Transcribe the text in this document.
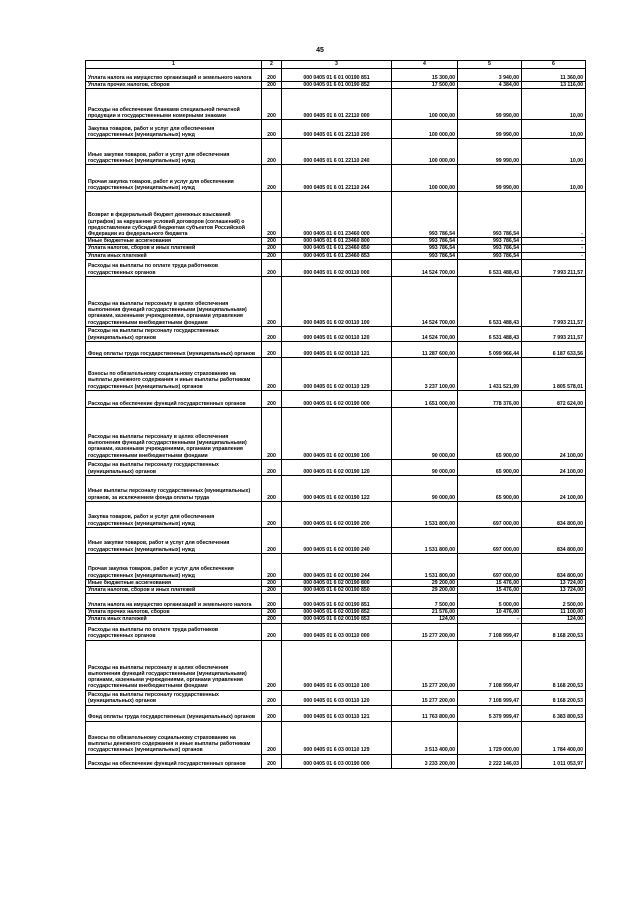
45
1	2	3	4	5	6
Уплата налога на имущество организаций и земельного налога	200	000 0405 01 6 01 00190 851	15 300,00	3 940,00	11 360,00
Уплата прочих налогов, сборов	200	000 0405 01 6 01 00190 852	17 500,00	4 384,00	13 116,00
Расходы на обеспечение бланками специальной печатной продукции и государственными номерными знаками	200	000 0405 01 6 01 22110 000	100 000,00	99 990,00	10,00
Закупка товаров, работ и услуг для обеспечения государственных (муниципальных) нужд	200	000 0405 01 6 01 22110 200	100 000,00	99 990,00	10,00
Иные закупки товаров, работ и услуг для обеспечения государственных (муниципальных) нужд	200	000 0405 01 6 01 22110 240	100 000,00	99 990,00	10,00
Прочая закупка товаров, работ и услуг для обеспечения государственных (муниципальных) нужд	200	000 0405 01 6 01 22110 244	100 000,00	99 990,00	10,00
Возврат в федеральный бюджет денежных взысканий (штрафов) за нарушение условий договоров (соглашений) о предоставлении субсидий бюджетам субъектов Российской Федерации из федерального бюджета	200	000 0405 01 6 01 23460 000	993 786,54	993 786,54	-
Иные бюджетные ассигнования	200	000 0405 01 6 01 23460 800	993 786,54	993 786,54	-
Уплата налогов, сборов и иных платежей	200	000 0405 01 6 01 23460 850	993 786,54	993 786,54	-
Уплата иных платежей	200	000 0405 01 6 01 23460 853	993 786,54	993 786,54	-
Расходы на выплаты по оплате труда работников государственных органов	200	000 0405 01 6 02 00110 000	14 524 700,00	6 531 488,43	7 993 211,57
Расходы на выплаты персоналу в целях обеспечения выполнения функций государственными (муниципальными) органами, казенными учреждениями, органами управления государственными внебюджетными фондами	200	000 0405 01 6 02 00110 100	14 524 700,00	6 531 488,43	7 993 211,57
Расходы на выплаты персоналу государственных (муниципальных) органов	200	000 0405 01 6 02 00110 120	14 524 700,00	6 531 488,43	7 993 211,57
Фонд оплаты труда государственных (муниципальных) органов	200	000 0405 01 6 02 00110 121	11 287 600,00	5 099 966,44	6 187 633,56
Взносы по обязательному социальному страхованию на выплаты денежного содержания и иные выплаты работникам государственных (муниципальных) органов	200	000 0405 01 6 02 00110 129	3 237 100,00	1 431 521,99	1 805 578,01
Расходы на обеспечение функций государственных органов	200	000 0405 01 6 02 00190 000	1 651 000,00	778 376,00	872 624,00
Расходы на выплаты персоналу в целях обеспечения выполнения функций государственными (муниципальными) органами, казенными учреждениями, органами управления государственными внебюджетными фондами	200	000 0405 01 6 02 00190 100	90 000,00	65 900,00	24 100,00
Расходы на выплаты персоналу государственных (муниципальных) органов	200	000 0405 01 6 02 00190 120	90 000,00	65 900,00	24 100,00
Иные выплаты персоналу государственных (муниципальных) органов, за исключением фонда оплаты труда	200	000 0405 01 6 02 00190 122	90 000,00	65 900,00	24 100,00
Закупка товаров, работ и услуг для обеспечения государственных (муниципальных) нужд	200	000 0405 01 6 02 00190 200	1 531 800,00	697 000,00	834 800,00
Иные закупки товаров, работ и услуг для обеспечения государственных (муниципальных) нужд	200	000 0405 01 6 02 00190 240	1 531 800,00	697 000,00	834 800,00
Прочая закупка товаров, работ и услуг для обеспечения государственных (муниципальных) нужд	200	000 0405 01 6 02 00190 244	1 531 800,00	697 000,00	834 800,00
Иные бюджетные ассигнования	200	000 0405 01 6 02 00190 800	29 200,00	15 476,00	13 724,00
Уплата налогов, сборов и иных платежей	200	000 0405 01 6 02 00190 850	29 200,00	15 476,00	13 724,00
Уплата налога на имущество организаций и земельного налога	200	000 0405 01 6 02 00190 851	7 500,00	5 000,00	2 500,00
Уплата прочих налогов, сборов	200	000 0405 01 6 02 00190 852	21 576,00	10 476,00	11 100,00
Уплата иных платежей	200	000 0405 01 6 02 00190 853	124,00	-	124,00
Расходы на выплаты по оплате труда работников государственных органов	200	000 0405 01 6 03 00110 000	15 277 200,00	7 108 999,47	8 168 200,53
Расходы на выплаты персоналу в целях обеспечения выполнения функций государственными (муниципальными) органами, казенными учреждениями, органами управления государственными внебюджетными фондами	200	000 0405 01 6 03 00110 100	15 277 200,00	7 108 999,47	8 168 200,53
Расходы на выплаты персоналу государственных (муниципальных) органов	200	000 0405 01 6 03 00110 120	15 277 200,00	7 108 999,47	8 168 200,53
Фонд оплаты труда государственных (муниципальных) органов	200	000 0405 01 6 03 00110 121	11 763 800,00	5 379 999,47	6 383 800,53
Взносы по обязательному социальному страхованию на выплаты денежного содержания и иные выплаты работникам государственных (муниципальных) органов	200	000 0405 01 6 03 00110 129	3 513 400,00	1 729 000,00	1 784 400,00
Расходы на обеспечение функций государственных органов	200	000 0405 01 6 03 00190 000	3 233 200,00	2 222 146,03	1 011 053,97
